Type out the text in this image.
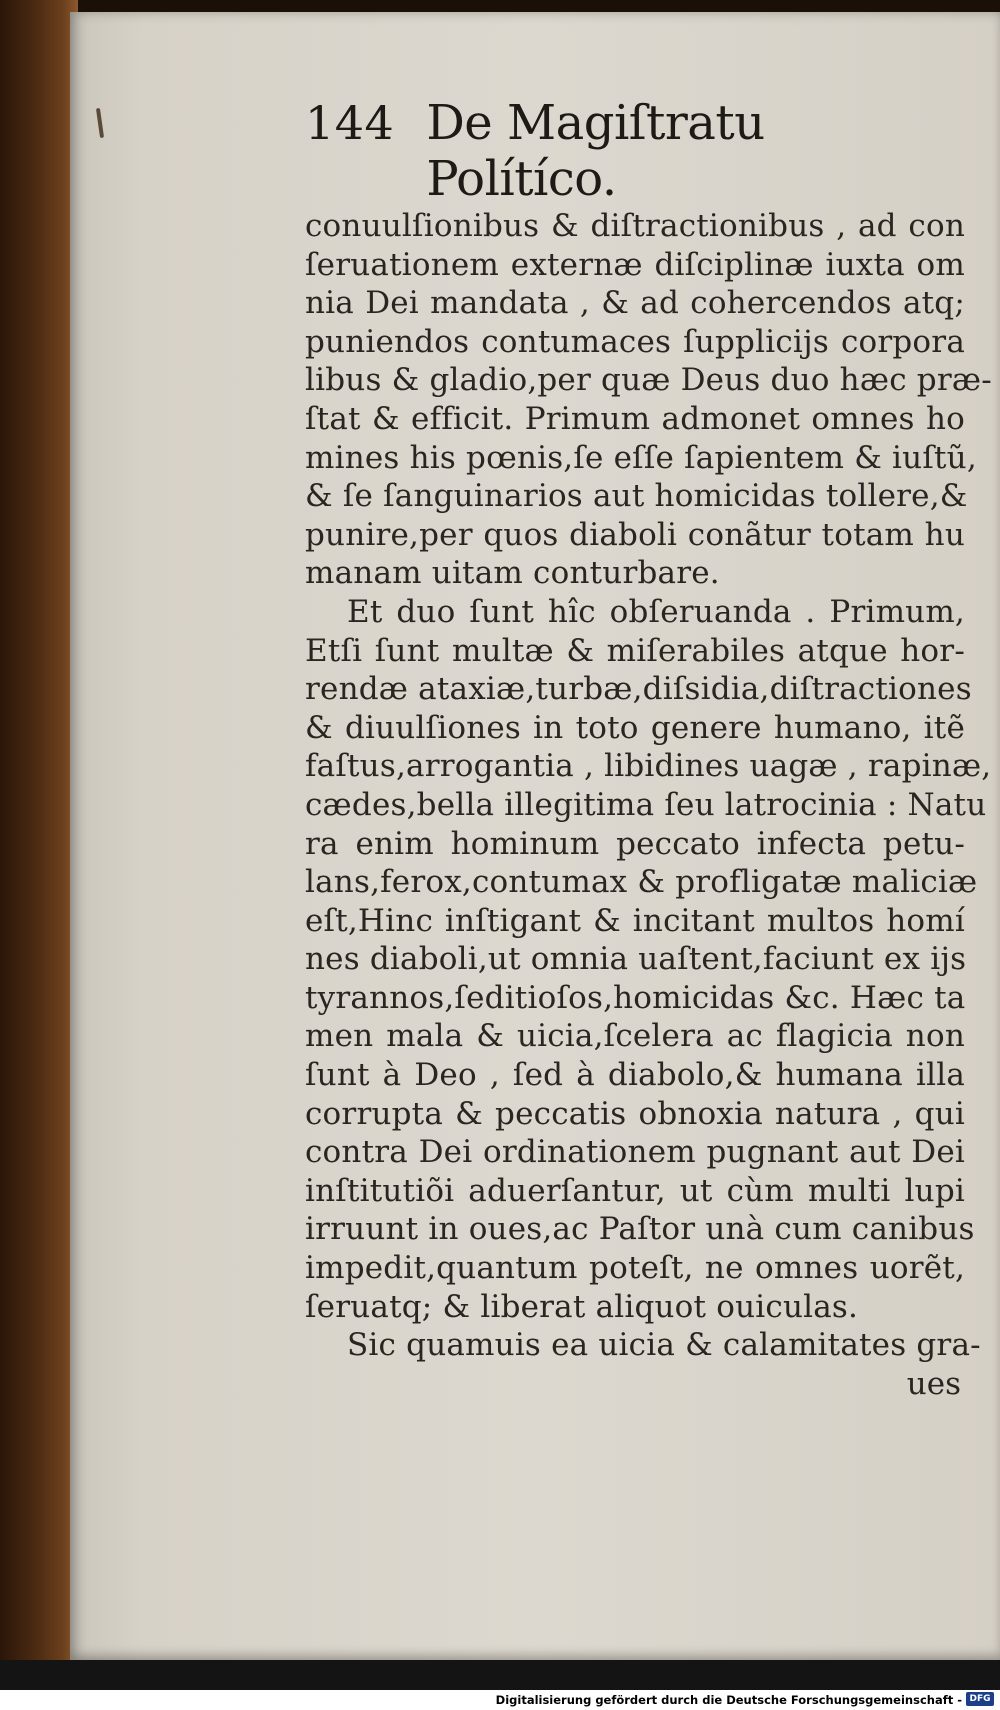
144 De Magiſtratu Polítíco.
conuulſionibus & diſtractionibus , ad con
ſeruationem externæ diſciplinæ iuxta om
nia Dei mandata , & ad cohercendos atq;
puniendos contumaces ſupplicijs corpora
libus & gladio,per quæ Deus duo hæc præ-
ſtat & efficit. Primum admonet omnes ho
mines his pœnis,ſe eſſe ſapientem & iuſtũ,
& ſe ſanguinarios aut homicidas tollere,&
punire,per quos diaboli conãtur totam hu
manam uitam conturbare.
Et duo ſunt hîc obſeruanda . Primum,
Etſi ſunt multæ & miſerabiles atque hor-
rendæ ataxiæ,turbæ,diſsidia,diſtractiones
& diuulſiones in toto genere humano, itẽ
faſtus,arrogantia , libidines uagæ , rapinæ,
cædes,bella illegitima ſeu latrocinia : Natu
ra enim hominum peccato infecta petu-
lans,ferox,contumax & profligatæ maliciæ
eſt,Hinc inſtigant & incitant multos homí
nes diaboli,ut omnia uaſtent,faciunt ex ijs
tyrannos,ſeditioſos,homicidas &c. Hæc ta
men mala & uicia,ſcelera ac flagicia non
ſunt à Deo , ſed à diabolo,& humana illa
corrupta & peccatis obnoxia natura , qui
contra Dei ordinationem pugnant aut Dei
inſtitutiõi aduerſantur, ut cùm multi lupi
irruunt in oues,ac Paſtor unà cum canibus
impedit,quantum poteſt, ne omnes uorẽt,
ſeruatq; & liberat aliquot ouiculas.
Sic quamuis ea uicia & calamitates gra-
ues
Digitalisierung gefördert durch die Deutsche Forschungsgemeinschaft - DFG
